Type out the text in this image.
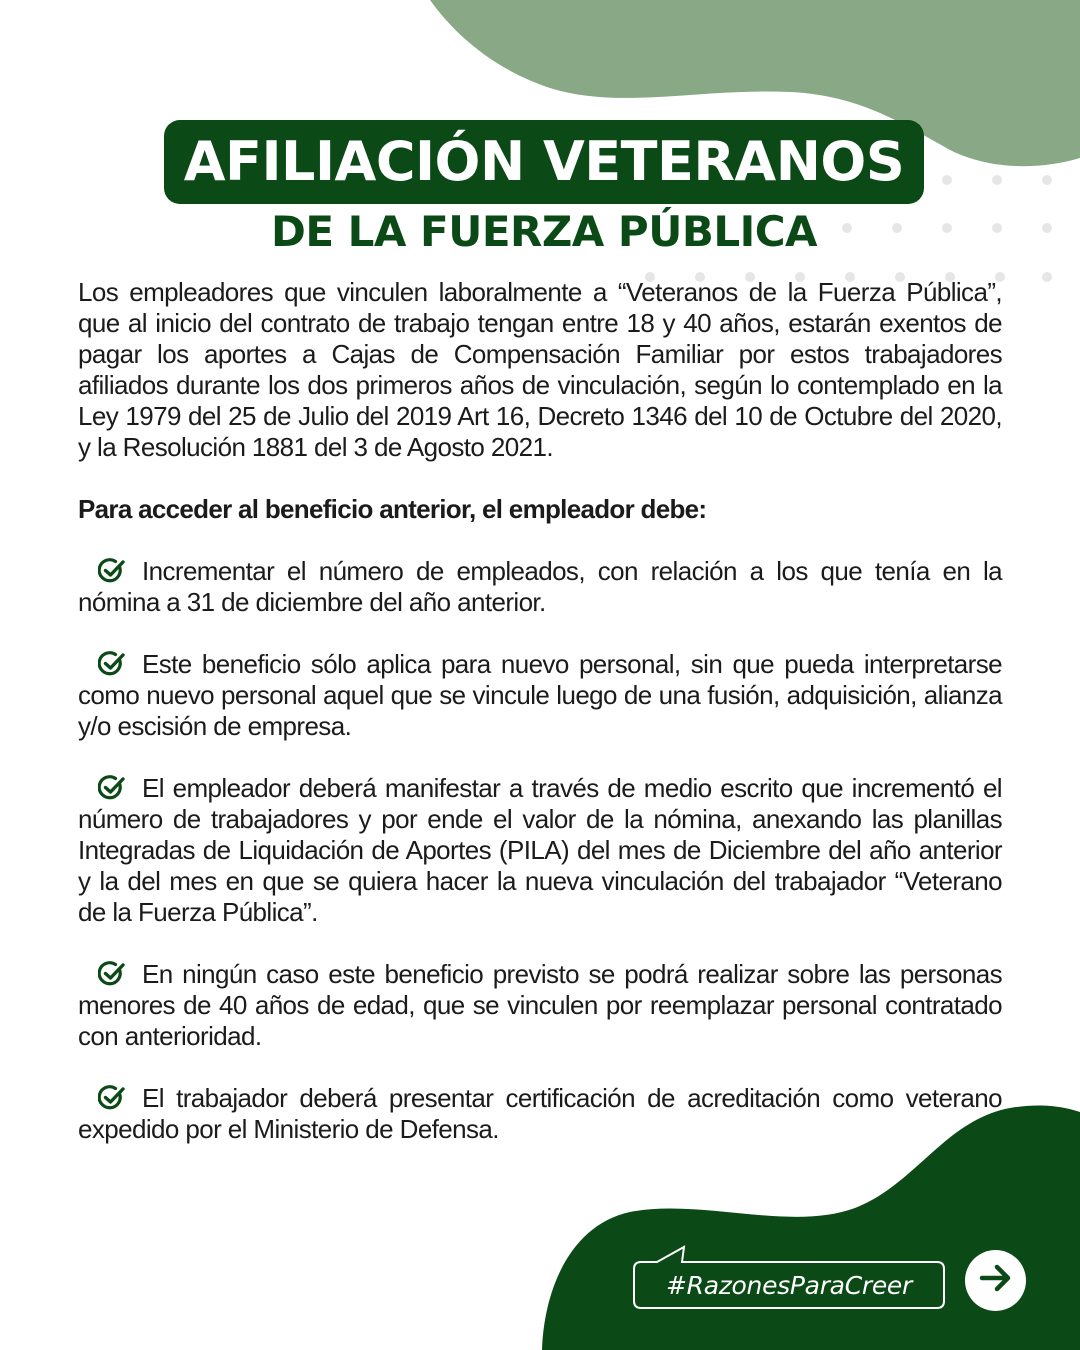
AFILIACIÓN VETERANOS
DE LA FUERZA PÚBLICA

Los empleadores que vinculen laboralmente a “Veteranos de la Fuerza Pública”, que al inicio del contrato de trabajo tengan entre 18 y 40 años, estarán exentos de pagar los aportes a Cajas de Compensación Familiar por estos trabajadores afiliados durante los dos primeros años de vinculación, según lo contemplado en la Ley 1979 del 25 de Julio del 2019 Art 16, Decreto 1346 del 10 de Octubre del 2020, y la Resolución 1881 del 3 de Agosto 2021.

Para acceder al beneficio anterior, el empleador debe:

Incrementar el número de empleados, con relación a los que tenía en la nómina a 31 de diciembre del año anterior.

Este beneficio sólo aplica para nuevo personal, sin que pueda interpretarse como nuevo personal aquel que se vincule luego de una fusión, adquisición, alianza y/o escisión de empresa.

El empleador deberá manifestar a través de medio escrito que incrementó el número de trabajadores y por ende el valor de la nómina, anexando las planillas Integradas de Liquidación de Aportes (PILA) del mes de Diciembre del año anterior y la del mes en que se quiera hacer la nueva vinculación del trabajador “Veterano de la Fuerza Pública”.

En ningún caso este beneficio previsto se podrá realizar sobre las personas menores de 40 años de edad, que se vinculen por reemplazar personal contratado con anterioridad.

El trabajador deberá presentar certificación de acreditación como veterano expedido por el Ministerio de Defensa.

#RazonesParaCreer
